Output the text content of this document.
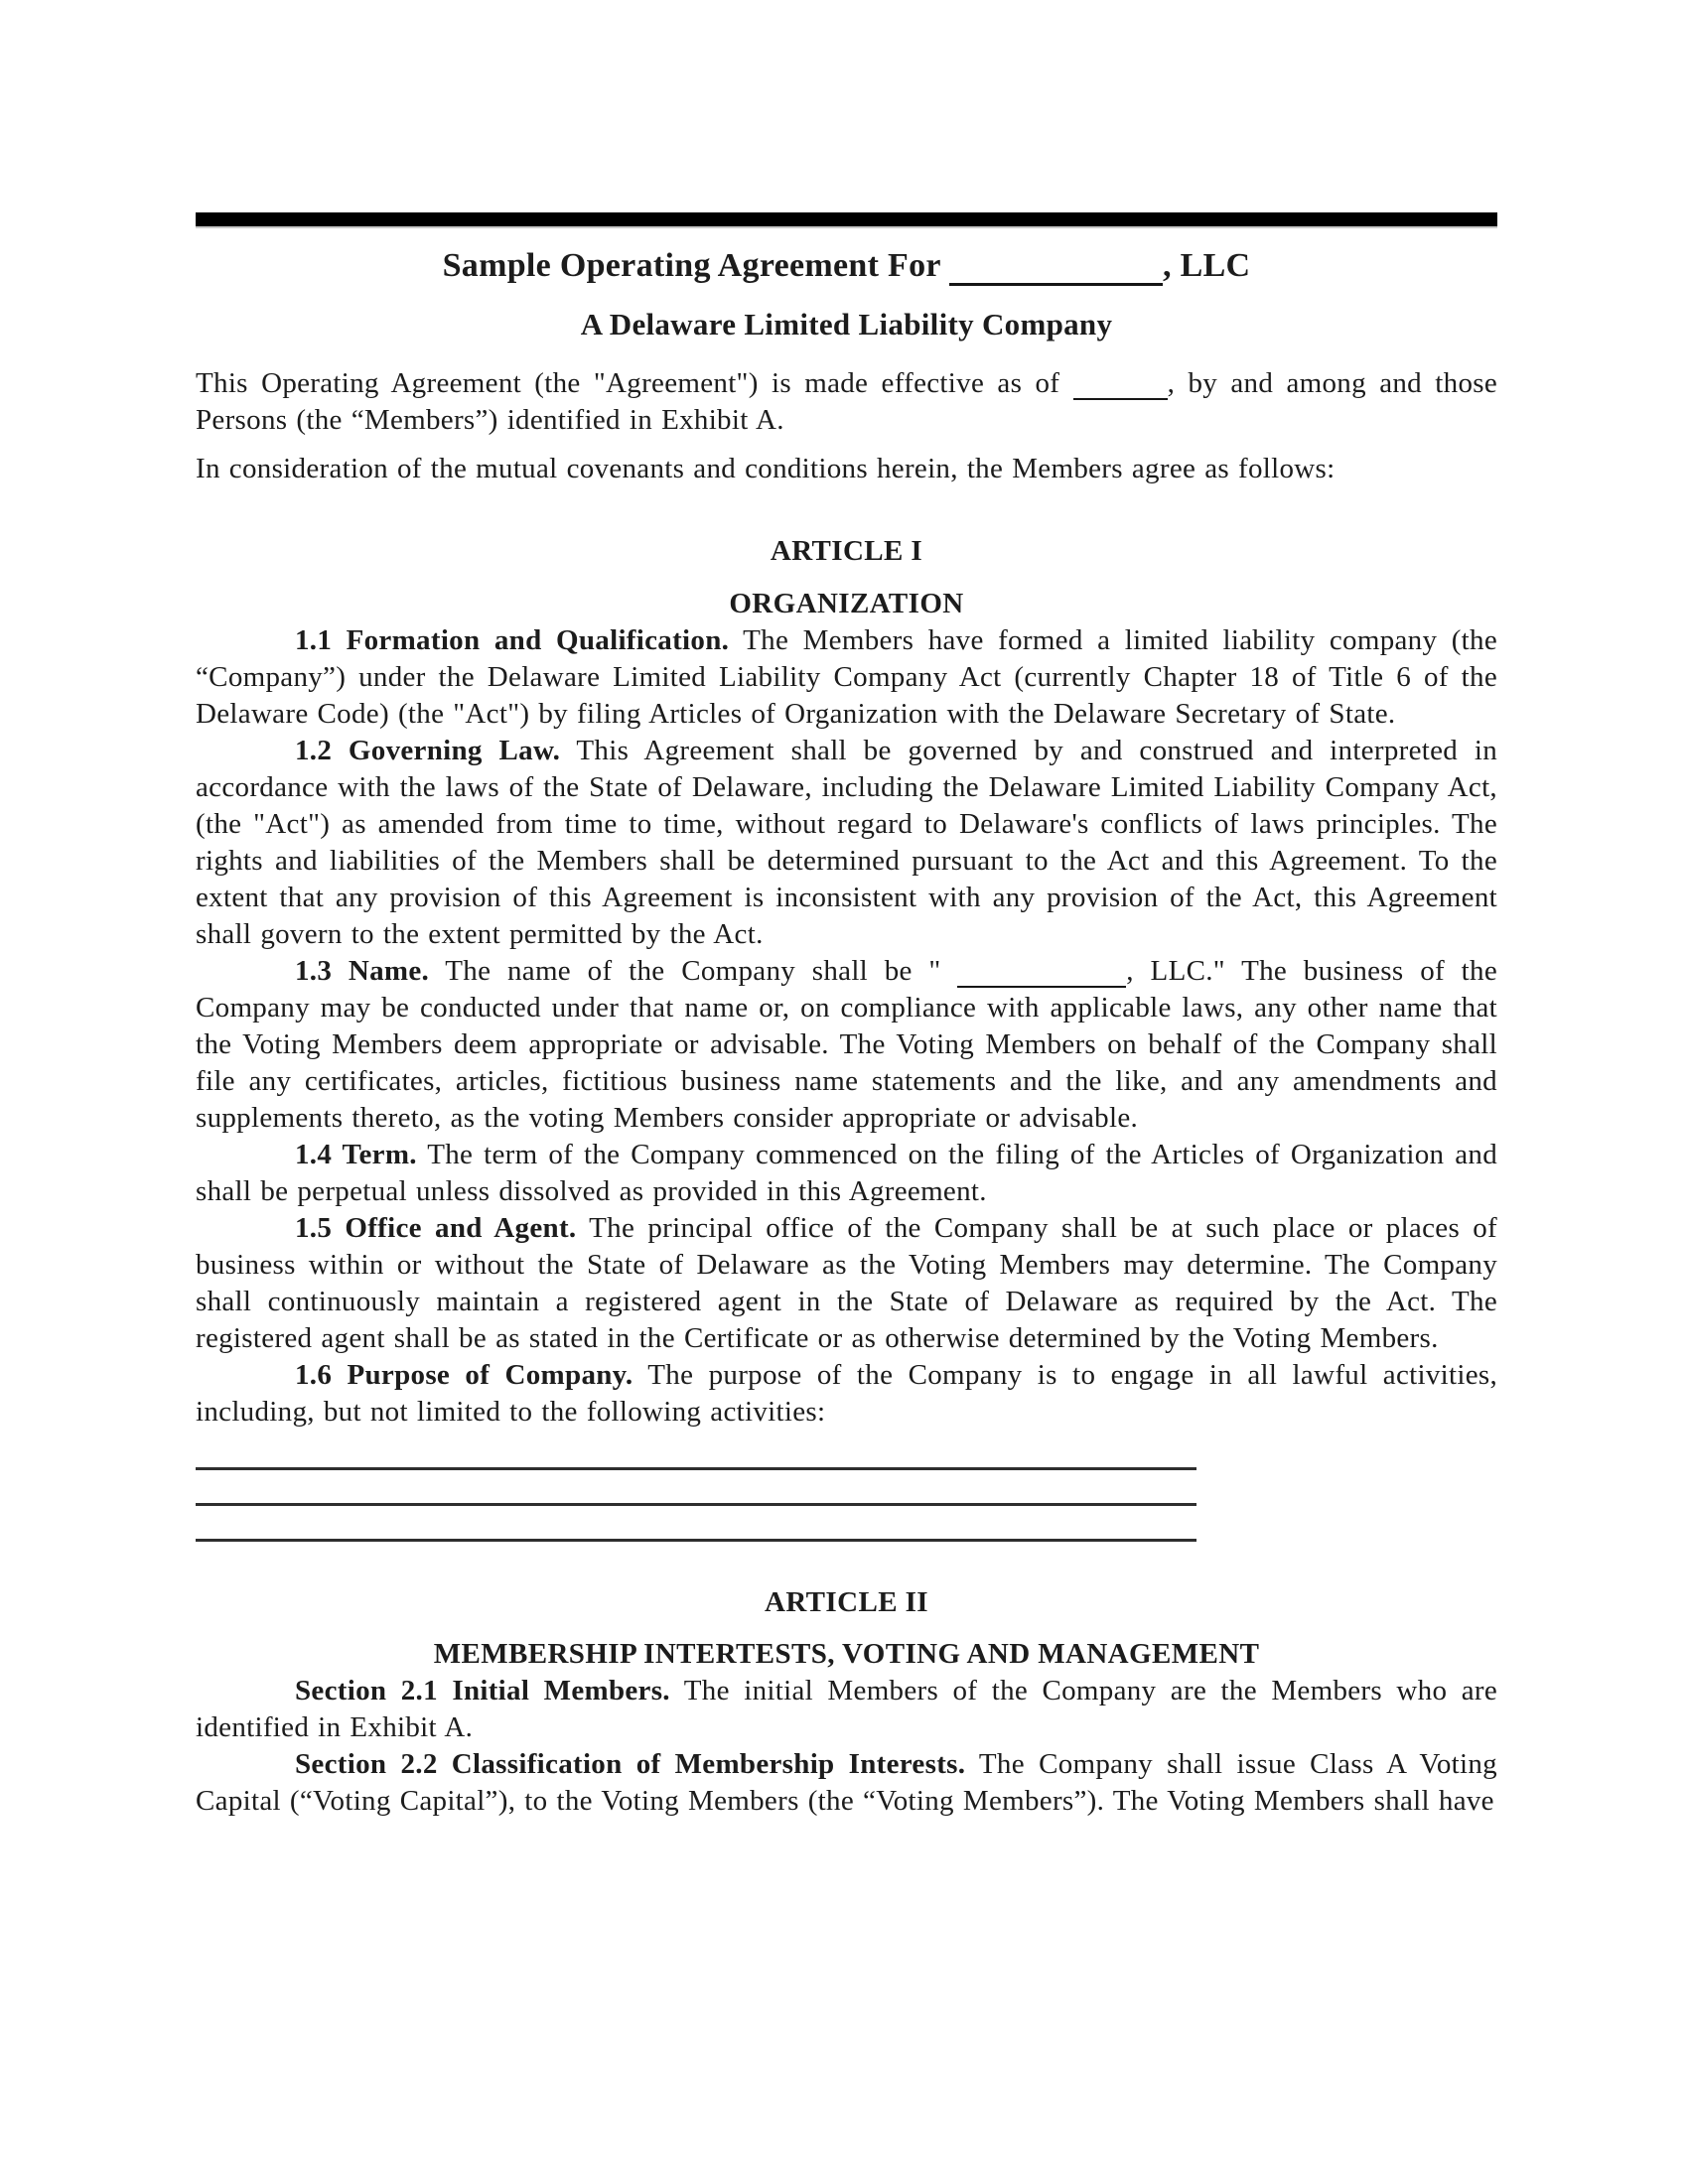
Sample Operating Agreement For	, LLC
A Delaware Limited Liability Company

This Operating Agreement (the "Agreement") is made effective as of	, by and among and those Persons (the “Members”) identified in Exhibit A.

In consideration of the mutual covenants and conditions herein, the Members agree as follows:

ARTICLE I
ORGANIZATION

1.1 Formation and Qualification. The Members have formed a limited liability company (the “Company”) under the Delaware Limited Liability Company Act (currently Chapter 18 of Title 6 of the Delaware Code) (the "Act") by filing Articles of Organization with the Delaware Secretary of State.

1.2 Governing Law. This Agreement shall be governed by and construed and interpreted in accordance with the laws of the State of Delaware, including the Delaware Limited Liability Company Act, (the "Act") as amended from time to time, without regard to Delaware's conflicts of laws principles. The rights and liabilities of the Members shall be determined pursuant to the Act and this Agreement. To the extent that any provision of this Agreement is inconsistent with any provision of the Act, this Agreement shall govern to the extent permitted by the Act.

1.3 Name. The name of the Company shall be "	, LLC." The business of the Company may be conducted under that name or, on compliance with applicable laws, any other name that the Voting Members deem appropriate or advisable. The Voting Members on behalf of the Company shall file any certificates, articles, fictitious business name statements and the like, and any amendments and supplements thereto, as the voting Members consider appropriate or advisable.

1.4 Term. The term of the Company commenced on the filing of the Articles of Organization and shall be perpetual unless dissolved as provided in this Agreement.

1.5 Office and Agent. The principal office of the Company shall be at such place or places of business within or without the State of Delaware as the Voting Members may determine. The Company shall continuously maintain a registered agent in the State of Delaware as required by the Act. The registered agent shall be as stated in the Certificate or as otherwise determined by the Voting Members.

1.6 Purpose of Company. The purpose of the Company is to engage in all lawful activities, including, but not limited to the following activities:

ARTICLE II
MEMBERSHIP INTERTESTS, VOTING AND MANAGEMENT

Section 2.1 Initial Members. The initial Members of the Company are the Members who are identified in Exhibit A.

Section 2.2 Classification of Membership Interests. The Company shall issue Class A Voting Capital (“Voting Capital”), to the Voting Members (the “Voting Members”). The Voting Members shall have
